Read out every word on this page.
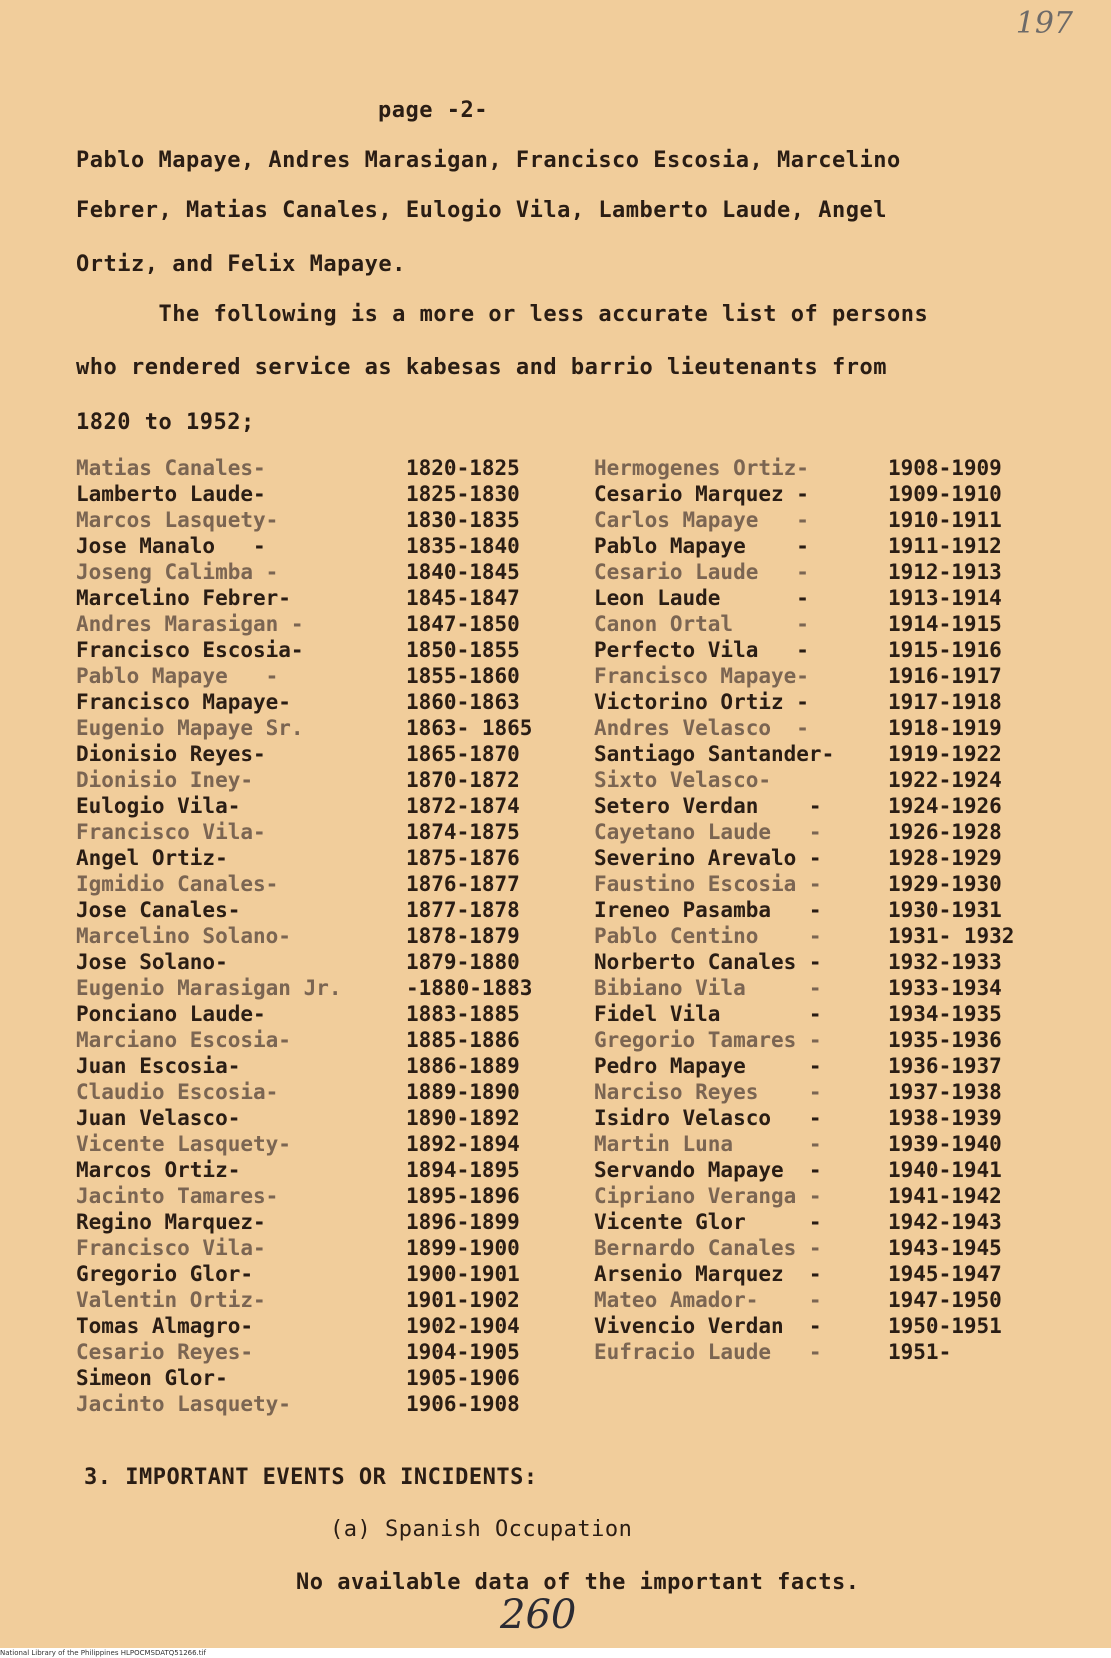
197
page -2-
Pablo Mapaye, Andres Marasigan, Francisco Escosia, Marcelino
Febrer, Matias Canales, Eulogio Vila, Lamberto Laude, Angel
Ortiz, and Felix Mapaye.
The following is a more or less accurate list of persons
who rendered service as kabesas and barrio lieutenants from
1820 to 1952;
Matias Canales-	1820-1825
Lamberto Laude-	1825-1830
Marcos Lasquety-	1830-1835
Jose Manalo   -	1835-1840
Joseng Calimba -	1840-1845
Marcelino Febrer-	1845-1847
Andres Marasigan -	1847-1850
Francisco Escosia-	1850-1855
Pablo Mapaye   -	1855-1860
Francisco Mapaye-	1860-1863
Eugenio Mapaye Sr.	1863- 1865
Dionisio Reyes-	1865-1870
Dionisio Iney-	1870-1872
Eulogio Vila-	1872-1874
Francisco Vila-	1874-1875
Angel Ortiz-	1875-1876
Igmidio Canales-	1876-1877
Jose Canales-	1877-1878
Marcelino Solano-	1878-1879
Jose Solano-	1879-1880
Eugenio Marasigan Jr.	-1880-1883
Ponciano Laude-	1883-1885
Marciano Escosia-	1885-1886
Juan Escosia-	1886-1889
Claudio Escosia-	1889-1890
Juan Velasco-	1890-1892
Vicente Lasquety-	1892-1894
Marcos Ortiz-	1894-1895
Jacinto Tamares-	1895-1896
Regino Marquez-	1896-1899
Francisco Vila-	1899-1900
Gregorio Glor-	1900-1901
Valentin Ortiz-	1901-1902
Tomas Almagro-	1902-1904
Cesario Reyes-	1904-1905
Simeon Glor-	1905-1906
Jacinto Lasquety-	1906-1908
Hermogenes Ortiz-	1908-1909
Cesario Marquez -	1909-1910
Carlos Mapaye   -	1910-1911
Pablo Mapaye    -	1911-1912
Cesario Laude   -	1912-1913
Leon Laude      -	1913-1914
Canon Ortal     -	1914-1915
Perfecto Vila   -	1915-1916
Francisco Mapaye-	1916-1917
Victorino Ortiz -	1917-1918
Andres Velasco  -	1918-1919
Santiago Santander-	1919-1922
Sixto Velasco-	1922-1924
Setero Verdan    -	1924-1926
Cayetano Laude   -	1926-1928
Severino Arevalo -	1928-1929
Faustino Escosia -	1929-1930
Ireneo Pasamba   -	1930-1931
Pablo Centino    -	1931- 1932
Norberto Canales -	1932-1933
Bibiano Vila     -	1933-1934
Fidel Vila       -	1934-1935
Gregorio Tamares -	1935-1936
Pedro Mapaye     -	1936-1937
Narciso Reyes    -	1937-1938
Isidro Velasco   -	1938-1939
Martin Luna      -	1939-1940
Servando Mapaye  -	1940-1941
Cipriano Veranga -	1941-1942
Vicente Glor     -	1942-1943
Bernardo Canales -	1943-1945
Arsenio Marquez  -	1945-1947
Mateo Amador-    -	1947-1950
Vivencio Verdan  -	1950-1951
Eufracio Laude   -	1951-
3. IMPORTANT EVENTS OR INCIDENTS:
(a) Spanish Occupation
No available data of the important facts.
260
National Library of the Philippines HLPOCMSDATQ51266.tif
